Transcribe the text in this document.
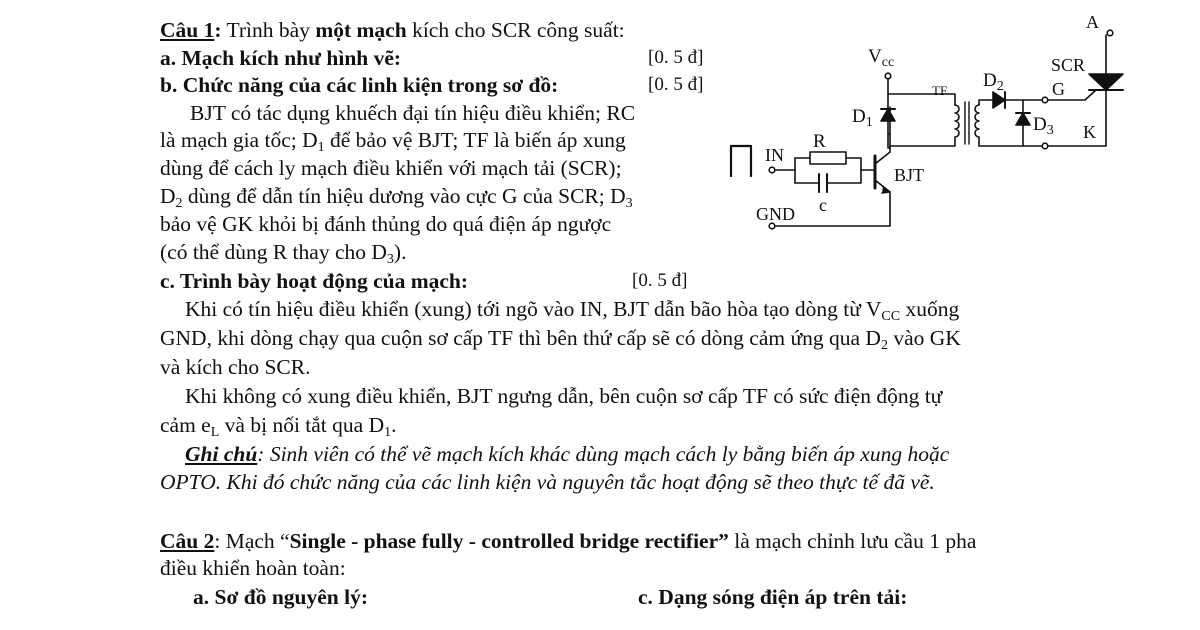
Câu 1: Trình bày một mạch kích cho SCR công suất:
a. Mạch kích như hình vẽ:	[0. 5 đ]
b. Chức năng của các linh kiện trong sơ đồ:	[0. 5 đ]
BJT có tác dụng khuếch đại tín hiệu điều khiển; RC
là mạch gia tốc; $D_1$ để bảo vệ BJT; TF là biến áp xung
dùng để cách ly mạch điều khiển với mạch tải (SCR);
$D_2$ dùng để dẫn tín hiệu dương vào cực G của SCR; $D_3$
bảo vệ GK khỏi bị đánh thủng do quá điện áp ngược
(có thể dùng R thay cho $D_3$).
c. Trình bày hoạt động của mạch:	[0. 5 đ]
Khi có tín hiệu điều khiển (xung) tới ngõ vào IN, BJT dẫn bão hòa tạo dòng từ $V_{CC}$ xuống
GND, khi dòng chạy qua cuộn sơ cấp TF thì bên thứ cấp sẽ có dòng cảm ứng qua $D_2$ vào GK
và kích cho SCR.
Khi không có xung điều khiển, BJT ngưng dẫn, bên cuộn sơ cấp TF có sức điện động tự
cảm $e_L$ và bị nối tắt qua $D_1$.
Ghi chú: Sinh viên có thể vẽ mạch kích khác dùng mạch cách ly bằng biến áp xung hoặc
OPTO. Khi đó chức năng của các linh kiện và nguyên tắc hoạt động sẽ theo thực tế đã vẽ.
Câu 2: Mạch “Single - phase fully - controlled bridge rectifier” là mạch chỉnh lưu cầu 1 pha
điều khiển hoàn toàn:
a. Sơ đồ nguyên lý:	c. Dạng sóng điện áp trên tải:
$V_{cc}$
TF $D_2$
$D_1$	$D_3$
SCR
G
K
A
R
c
IN
GND
BJT
